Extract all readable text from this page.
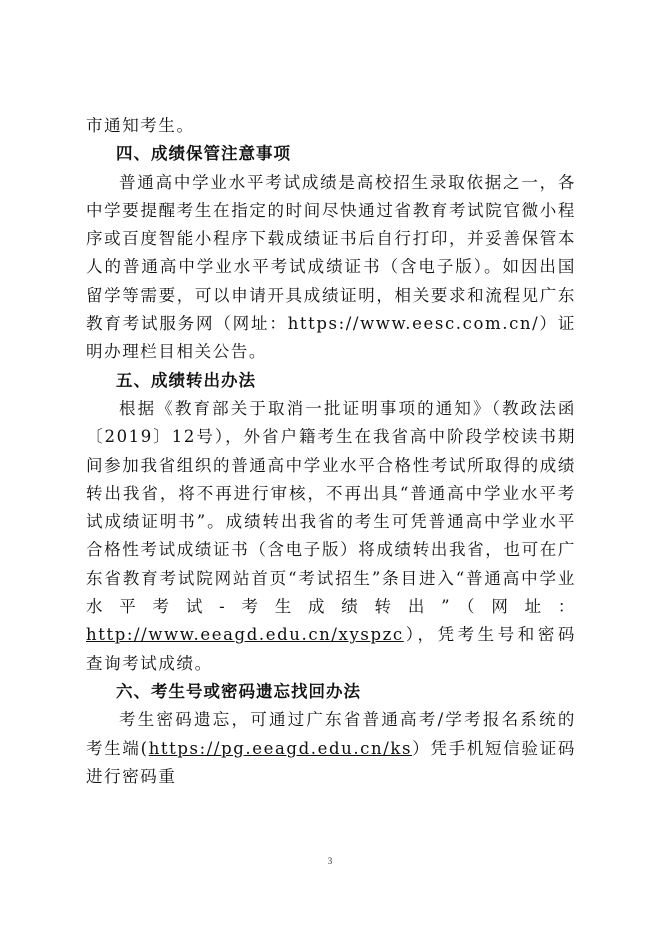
市通知考生。

四、成绩保管注意事项

普通高中学业水平考试成绩是高校招生录取依据之一，各中学要提醒考生在指定的时间尽快通过省教育考试院官微小程序或百度智能小程序下载成绩证书后自行打印，并妥善保管本人的普通高中学业水平考试成绩证书（含电子版）。如因出国留学等需要，可以申请开具成绩证明，相关要求和流程见广东教育考试服务网（网址：https://www.eesc.com.cn/）证明办理栏目相关公告。

五、成绩转出办法

根据《教育部关于取消一批证明事项的通知》（教政法函〔2019〕12号），外省户籍考生在我省高中阶段学校读书期间参加我省组织的普通高中学业水平合格性考试所取得的成绩转出我省，将不再进行审核，不再出具“普通高中学业水平考试成绩证明书”。成绩转出我省的考生可凭普通高中学业水平合格性考试成绩证书（含电子版）将成绩转出我省，也可在广东省教育考试院网站首页“考试招生”条目进入“普通高中学业水平考试-考生成绩转出”（网址：http://www.eeagd.edu.cn/xyspzc），凭考生号和密码查询考试成绩。

六、考生号或密码遗忘找回办法

考生密码遗忘，可通过广东省普通高考/学考报名系统的考生端(https://pg.eeagd.edu.cn/ks）凭手机短信验证码进行密码重

3
